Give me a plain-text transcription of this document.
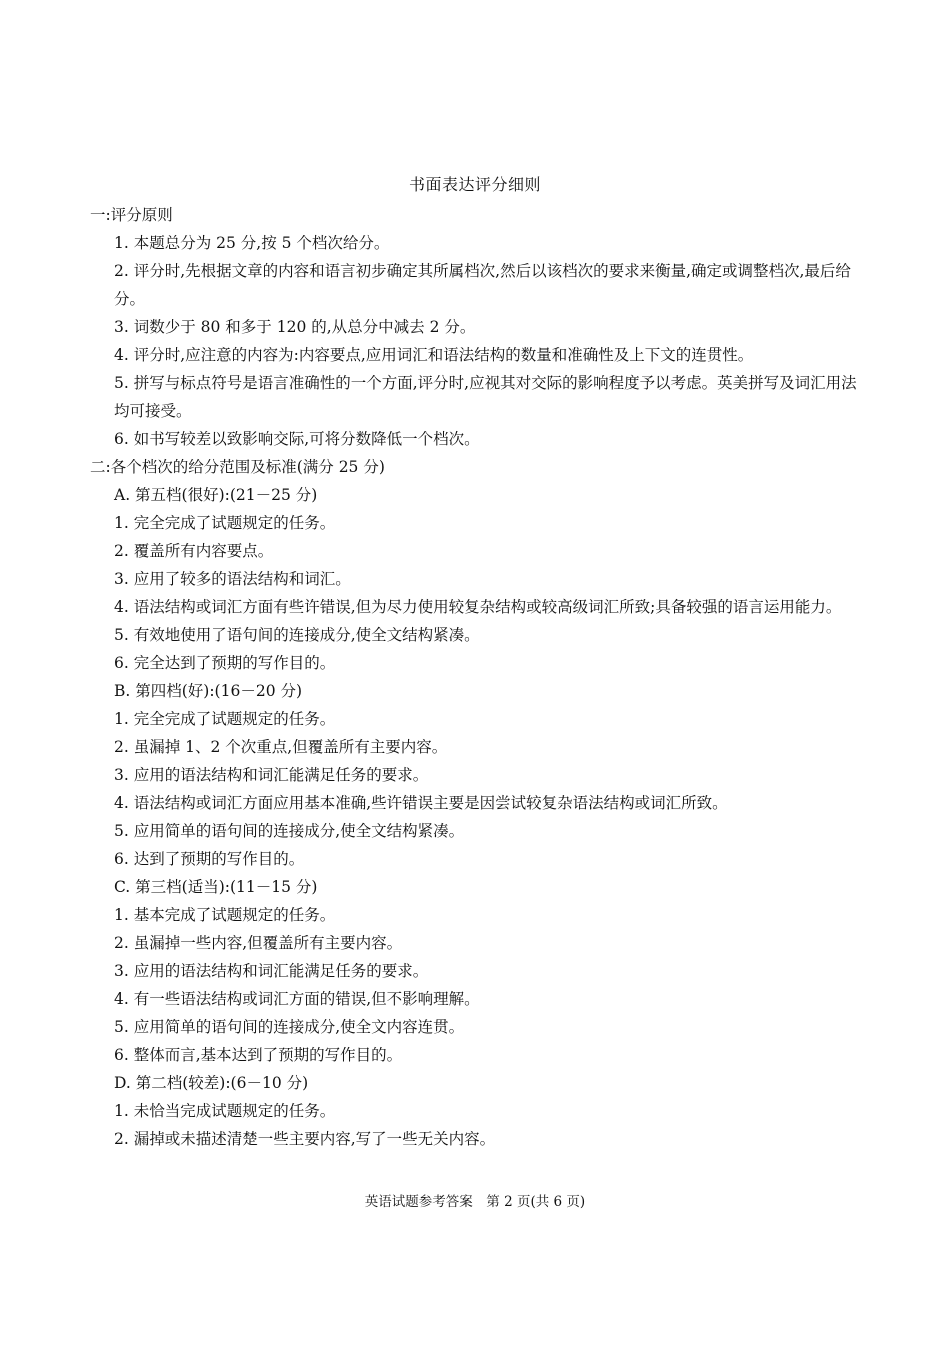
书面表达评分细则

一:评分原则

1. 本题总分为 25 分,按 5 个档次给分。

2. 评分时,先根据文章的内容和语言初步确定其所属档次,然后以该档次的要求来衡量,确定或调整档次,最后给分。

3. 词数少于 80 和多于 120 的,从总分中减去 2 分。

4. 评分时,应注意的内容为:内容要点,应用词汇和语法结构的数量和准确性及上下文的连贯性。

5. 拼写与标点符号是语言准确性的一个方面,评分时,应视其对交际的影响程度予以考虑。英美拼写及词汇用法均可接受。

6. 如书写较差以致影响交际,可将分数降低一个档次。

二:各个档次的给分范围及标准(满分 25 分)

A. 第五档(很好):(21－25 分)

1. 完全完成了试题规定的任务。

2. 覆盖所有内容要点。

3. 应用了较多的语法结构和词汇。

4. 语法结构或词汇方面有些许错误,但为尽力使用较复杂结构或较高级词汇所致;具备较强的语言运用能力。

5. 有效地使用了语句间的连接成分,使全文结构紧凑。

6. 完全达到了预期的写作目的。

B. 第四档(好):(16－20 分)

1. 完全完成了试题规定的任务。

2. 虽漏掉 1、2 个次重点,但覆盖所有主要内容。

3. 应用的语法结构和词汇能满足任务的要求。

4. 语法结构或词汇方面应用基本准确,些许错误主要是因尝试较复杂语法结构或词汇所致。

5. 应用简单的语句间的连接成分,使全文结构紧凑。

6. 达到了预期的写作目的。

C. 第三档(适当):(11－15 分)

1. 基本完成了试题规定的任务。

2. 虽漏掉一些内容,但覆盖所有主要内容。

3. 应用的语法结构和词汇能满足任务的要求。

4. 有一些语法结构或词汇方面的错误,但不影响理解。

5. 应用简单的语句间的连接成分,使全文内容连贯。

6. 整体而言,基本达到了预期的写作目的。

D. 第二档(较差):(6－10 分)

1. 未恰当完成试题规定的任务。

2. 漏掉或未描述清楚一些主要内容,写了一些无关内容。

英语试题参考答案　第 2 页(共 6 页)
